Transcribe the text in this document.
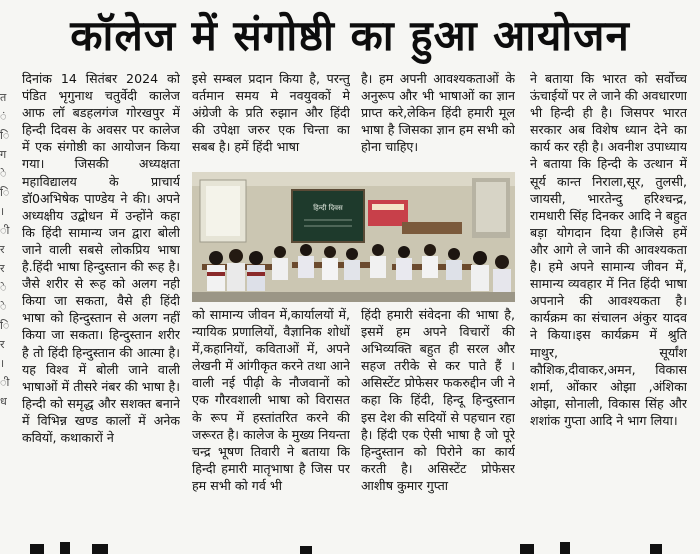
कॉलेज में संगोष्ठी का हुआ आयोजन
त ं ि ग े ि । ी र र े े ि र । ी ध

दिनांक 14 सितंबर 2024 को पंडित भृगुनाथ चतुर्वेदी कालेज आफ लॉ बडहलगंज गोरखपुर में हिन्दी दिवस के अवसर पर कालेज में एक संगोष्ठी का आयोजन किया गया। जिसकी अध्यक्षता महाविद्यालय के प्राचार्य डॉ0अभिषेक पाण्डेय ने की। अपने अध्यक्षीय उद्बोधन में उन्होंने कहा कि हिंदी सामान्य जन द्वारा बोली जाने वाली सबसे लोकप्रिय भाषा है.हिंदी भाषा हिन्दुस्तान की रूह है। जैसे शरीर से रूह को अलग नही किया जा सकता, वैसे ही हिंदी भाषा को हिन्दुस्तान से अलग नहीं किया जा सकता। हिन्दुस्तान शरीर है तो हिंदी हिन्दुस्तान की आत्मा है।यह विश्व में बोली जाने वाली भाषाओं में तीसरे नंबर की भाषा है। हिन्दी को समृद्ध और सशक्त बनाने में विभिन्न खण्ड कालों में अनेक कवियों, कथाकारों ने

इसे सम्बल प्रदान किया है, परन्तु वर्तमान समय मे नवयुवकों मे अंग्रेजी के प्रति रुझान और हिंदी की उपेक्षा जरुर एक चिन्ता का सबब है। हमें हिंदी भाषा

है। हम अपनी आवश्यकताओं के अनुरूप और भी भाषाओं का ज्ञान प्राप्त करे,लेकिन हिंदी हमारी मूल भाषा है जिसका ज्ञान हम सभी को होना चाहिए।

हिन्दी दिवस

को सामान्य जीवन में,कार्यालयों में, न्यायिक प्रणालियों, वैज्ञानिक शोधों में,कहानियों, कविताओं में, अपने लेखनी में आंगीकृत करने तथा आने वाली नई पीढ़ी के नौजवानों को एक गौरवशाली भाषा को विरासत के रूप में हस्तांतरित करने की जरूरत है। कालेज के मुख्य नियन्ता चन्द्र भूषण तिवारी ने बताया कि हिन्दी हमारी मातृभाषा है जिस पर हम सभी को गर्व भी

हिंदी हमारी संवेदना की भाषा है, इसमें हम अपने विचारों की अभिव्यक्ति बहुत ही सरल और सहज तरीके से कर पाते हैं । असिस्टेंट प्रोफेसर फकरुद्दीन जी ने कहा कि हिंदी, हिन्दू हिन्दुस्तान इस देश की सदियों से पहचान रहा है। हिंदी एक ऐसी भाषा है जो पूरे हिन्दुस्तान को पिरोने का कार्य करती है। असिस्टेंट प्रोफेसर आशीष कुमार गुप्ता

ने बताया कि भारत को सर्वोच्च ऊंचाईयों पर ले जाने की अवधारणा भी हिन्दी ही है। जिसपर भारत सरकार अब विशेष ध्यान देने का कार्य कर रही है। अवनीश उपाध्याय ने बताया कि हिन्दी के उत्थान में सूर्य कान्त निराला,सूर, तुलसी, जायसी, भारतेन्दु हरिश्चन्द्र, रामधारी सिंह दिनकर आदि ने बहुत बड़ा योगदान दिया है।जिसे हमें और आगे ले जाने की आवश्यकता है। हमे अपने सामान्य जीवन में, सामान्य व्यवहार में नित हिंदी भाषा अपनाने की आवश्यकता है। कार्यक्रम का संचालन अंकुर यादव ने किया।इस कार्यक्रम में श्रुति माथुर, सूर्यांश कौशिक,दीवाकर,अमन, विकास शर्मा, ओंकार ओझा ,अंशिका ओझा, सोनाली, विकास सिंह और शशांक गुप्ता आदि ने भाग लिया।
